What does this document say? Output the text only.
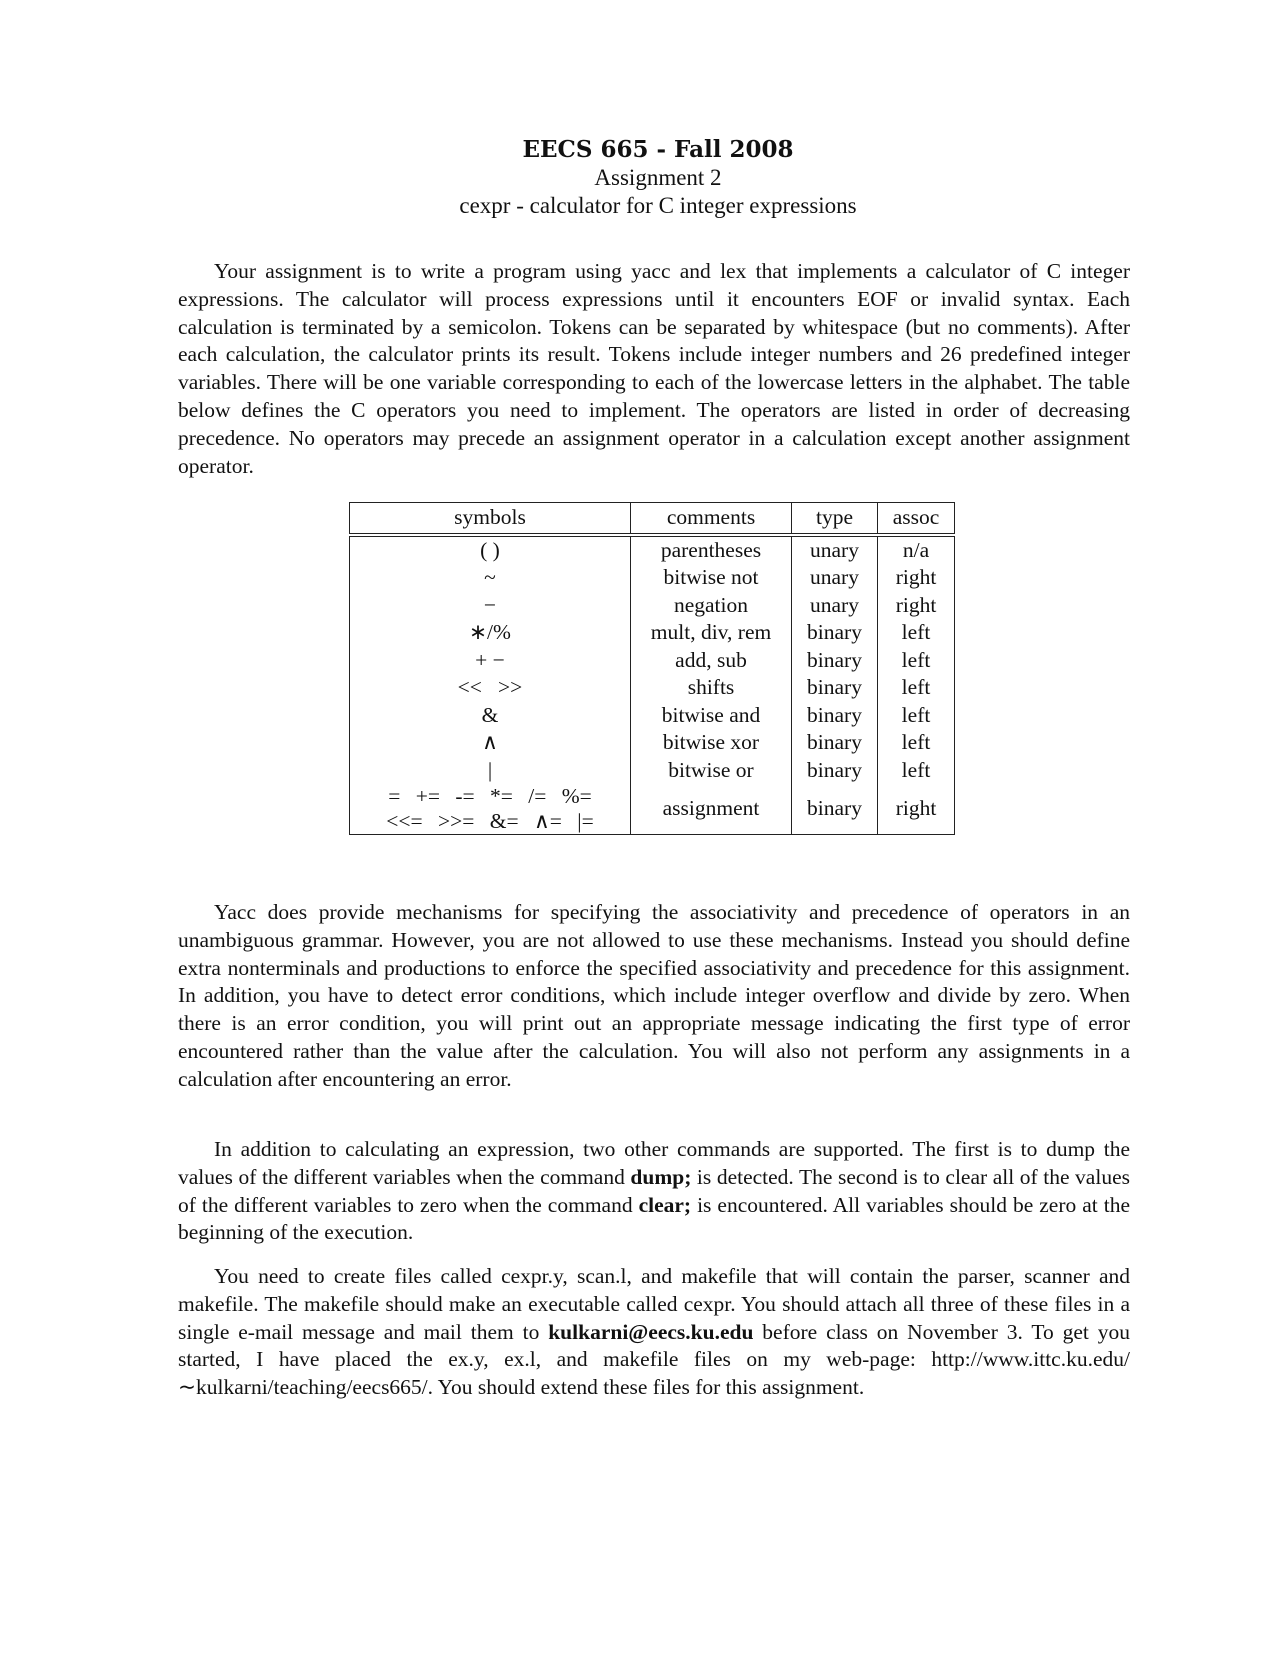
EECS 665 - Fall 2008
Assignment 2
cexpr - calculator for C integer expressions

Your assignment is to write a program using yacc and lex that implements a calculator of C integer expressions. The calculator will process expressions until it encounters EOF or invalid syntax. Each calculation is terminated by a semicolon. Tokens can be separated by whitespace (but no comments). After each calculation, the calculator prints its result. Tokens include integer numbers and 26 predefined integer variables. There will be one variable corresponding to each of the lowercase letters in the alphabet. The table below defines the C operators you need to implement. The operators are listed in order of decreasing precedence. No operators may precede an assignment operator in a calculation except another assignment operator.

symbols	comments	type	assoc
( )	parentheses	unary	n/a
~	bitwise not	unary	right
−	negation	unary	right
∗/%	mult, div, rem	binary	left
+ −	add, sub	binary	left
<<   >>	shifts	binary	left
&	bitwise and	binary	left
∧	bitwise xor	binary	left
|	bitwise or	binary	left

= += -= *= /= %=
<<= >>= &= ∧= |=	assignment	binary	right

Yacc does provide mechanisms for specifying the associativity and precedence of operators in an unambiguous grammar. However, you are not allowed to use these mechanisms. Instead you should define extra nonterminals and productions to enforce the specified associativity and precedence for this assignment. In addition, you have to detect error conditions, which include integer overflow and divide by zero. When there is an error condition, you will print out an appropriate message indicating the first type of error encountered rather than the value after the calculation. You will also not perform any assignments in a calculation after encountering an error.

In addition to calculating an expression, two other commands are supported. The first is to dump the values of the different variables when the command dump; is detected. The second is to clear all of the values of the different variables to zero when the command clear; is encountered. All variables should be zero at the beginning of the execution.

You need to create files called cexpr.y, scan.l, and makefile that will contain the parser, scanner and makefile. The makefile should make an executable called cexpr. You should attach all three of these files in a single e-mail message and mail them to kulkarni@eecs.ku.edu before class on November 3. To get you started, I have placed the ex.y, ex.l, and makefile files on my web-page: http://www.ittc.ku.edu/∼kulkarni/teaching/eecs665/. You should extend these files for this assignment.
